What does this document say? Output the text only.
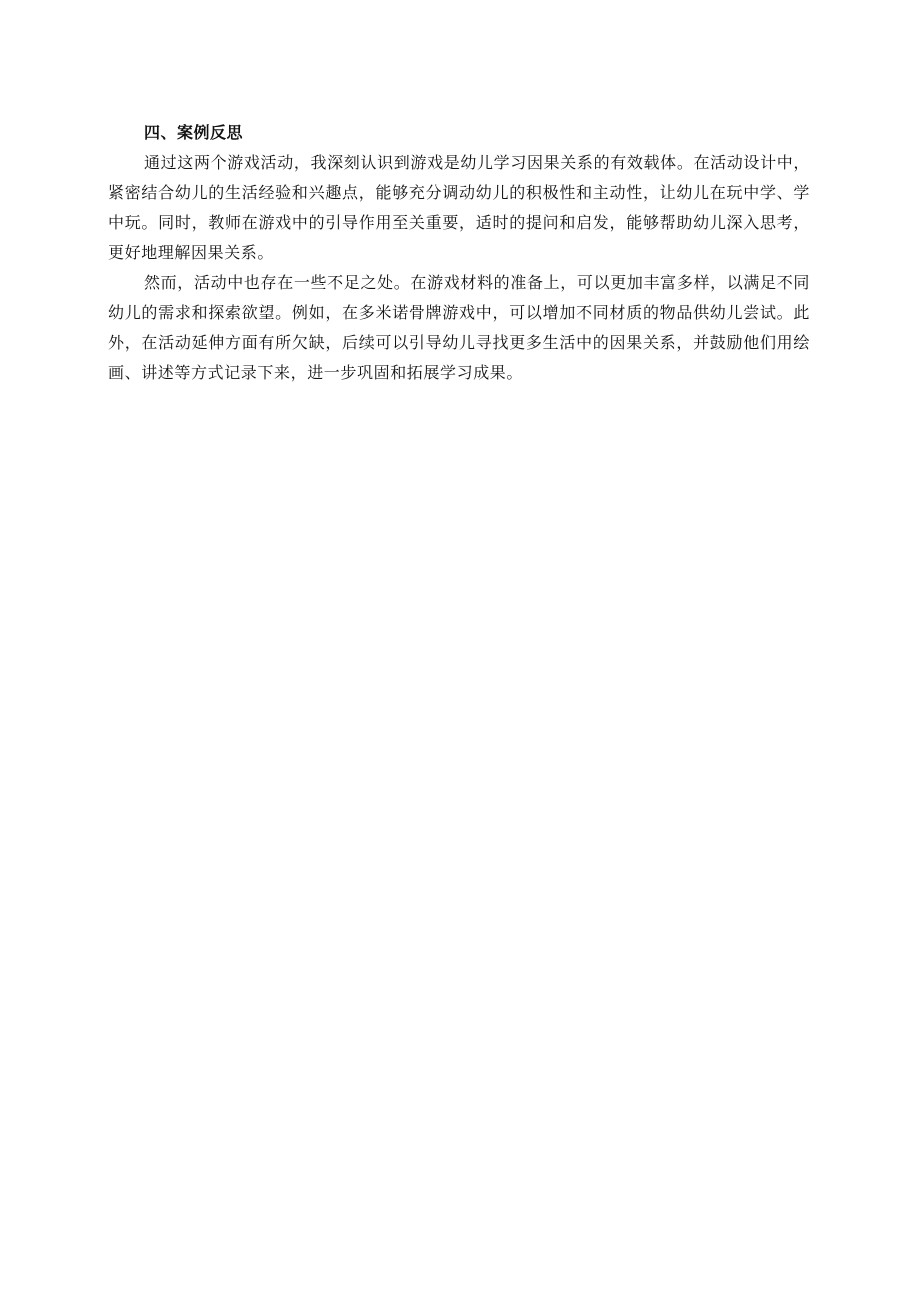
四、案例反思

通过这两个游戏活动，我深刻认识到游戏是幼儿学习因果关系的有效载体。在活动设计中，紧密结合幼儿的生活经验和兴趣点，能够充分调动幼儿的积极性和主动性，让幼儿在玩中学、学中玩。同时，教师在游戏中的引导作用至关重要，适时的提问和启发，能够帮助幼儿深入思考，更好地理解因果关系。

然而，活动中也存在一些不足之处。在游戏材料的准备上，可以更加丰富多样，以满足不同幼儿的需求和探索欲望。例如，在多米诺骨牌游戏中，可以增加不同材质的物品供幼儿尝试。此外，在活动延伸方面有所欠缺，后续可以引导幼儿寻找更多生活中的因果关系，并鼓励他们用绘画、讲述等方式记录下来，进一步巩固和拓展学习成果。
